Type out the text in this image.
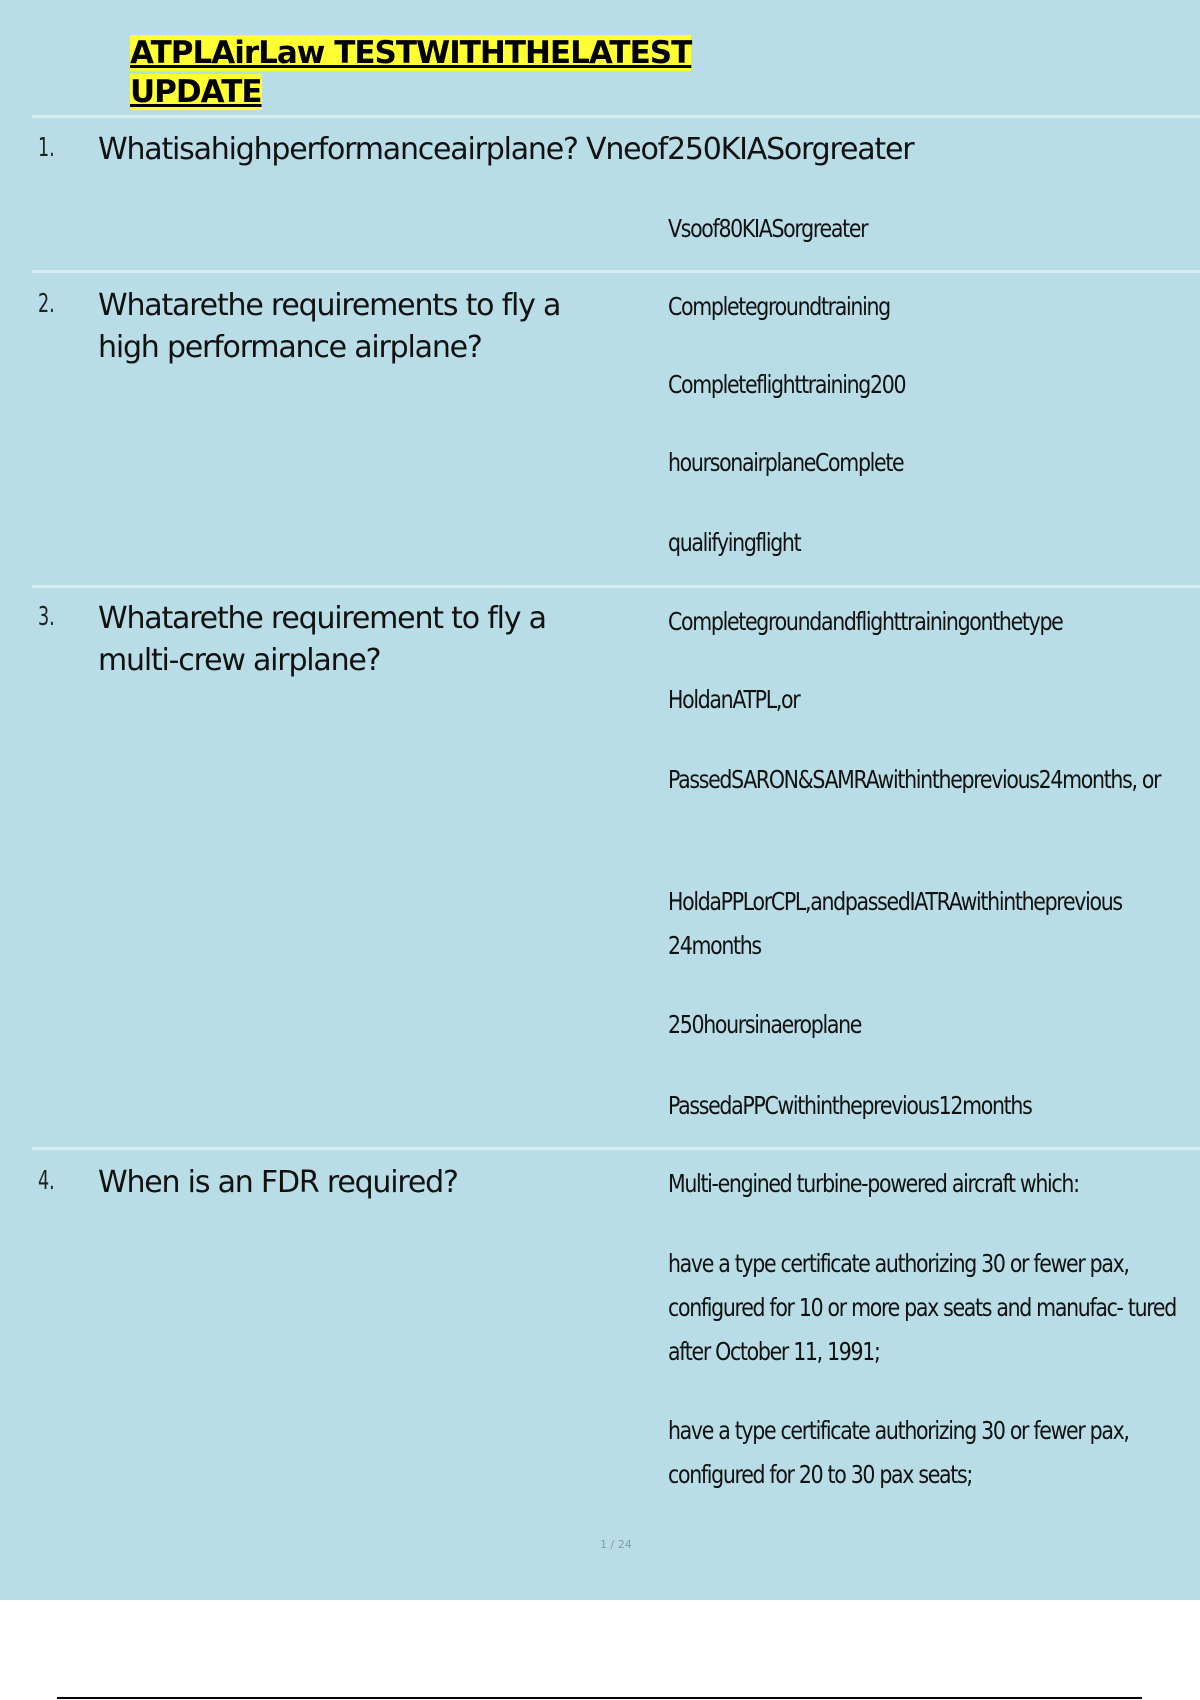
ATPLAirLaw TESTWITHTHELATEST
UPDATE
1. Whatisahighperformanceairplane? Vneof250KIASorgreater
Vsoof80KIASorgreater
2. Whatarethe requirements to fly a high performance airplane?
Completegroundtraining
Completeflighttraining200
hoursonairplaneComplete
qualifyingflight
3. Whatarethe requirement to fly a multi-crew airplane?
Completegroundandflighttrainingonthetype
HoldanATPL,or
PassedSARON&SAMRAwithintheprevious24months, or
HoldaPPLorCPL,andpassedIATRAwithintheprevious 24months
250hoursinaeroplane
PassedaPPCwithintheprevious12months
4. When is an FDR required?	Multi-engined turbine-powered aircraft which:
have a type certificate authorizing 30 or fewer pax, configured for 10 or more pax seats and manufac- tured after October 11, 1991;
have a type certificate authorizing 30 or fewer pax, configured for 20 to 30 pax seats;
1 / 24
